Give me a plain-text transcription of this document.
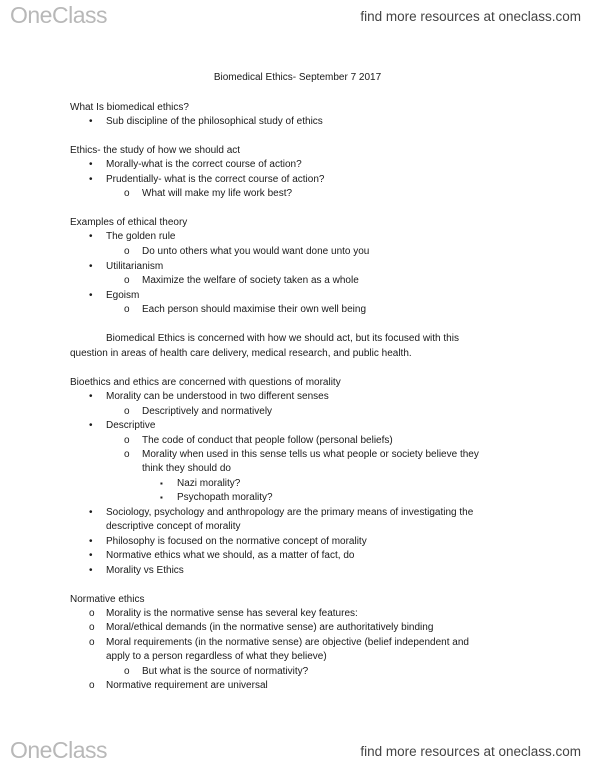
One Class	find more resources at oneclass.com
Biomedical Ethics- September 7 2017
What Is biomedical ethics?
•
Sub discipline of the philosophical study of ethics
Ethics- the study of how we should act
•
Morally-what is the correct course of action?
•
Prudentially- what is the correct course of action?
o
What will make my life work best?
Examples of ethical theory
•
The golden rule
o
Do unto others what you would want done unto you
•
Utilitarianism
o
Maximize the welfare of society taken as a whole
•
Egoism
o
Each person should maximise their own well being
Biomedical Ethics is concerned with how we should act, but its focused with this
question in areas of health care delivery, medical research, and public health.
Bioethics and ethics are concerned with questions of morality
•
Morality can be understood in two different senses
o
Descriptively and normatively
•
Descriptive
o
The code of conduct that people follow (personal beliefs)
o
Morality when used in this sense tells us what people or society believe they
think they should do
▪
Nazi morality?
▪
Psychopath morality?
•
Sociology, psychology and anthropology are the primary means of investigating the
descriptive concept of morality
•
Philosophy is focused on the normative concept of morality
•
Normative ethics what we should, as a matter of fact, do
•
Morality vs Ethics
Normative ethics
o
Morality is the normative sense has several key features:
o
Moral/ethical demands (in the normative sense) are authoritatively binding
o
Moral requirements (in the normative sense) are objective (belief independent and
apply to a person regardless of what they believe)
o
But what is the source of normativity?
o
Normative requirement are universal
One Class	find more resources at oneclass.com
